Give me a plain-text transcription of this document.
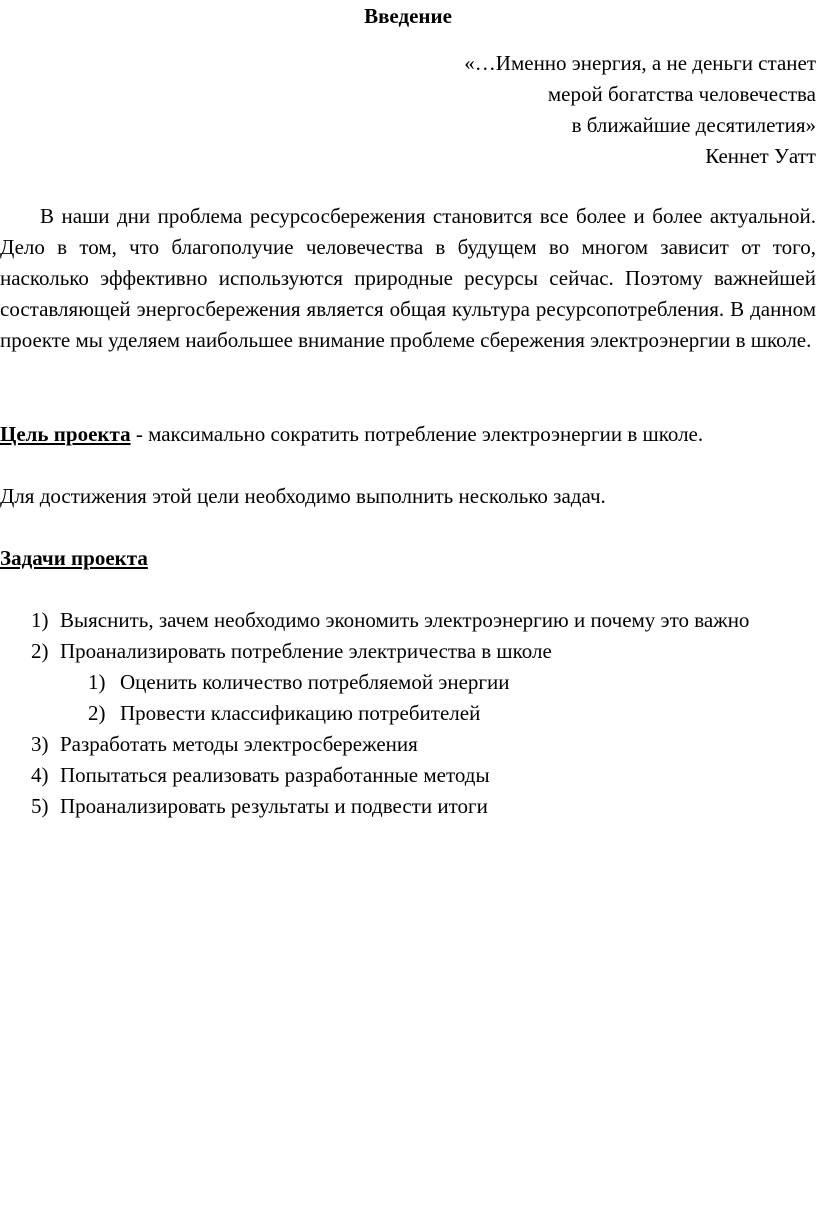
Введение
«…Именно энергия, а не деньги станет
мерой богатства человечества
в ближайшие десятилетия»
Кеннет Уатт

В наши дни проблема ресурсосбережения становится все более и более актуальной. Дело в том, что благополучие человечества в будущем во многом зависит от того, насколько эффективно используются природные ресурсы сейчас. Поэтому важнейшей составляющей энергосбережения является общая культура ресурсопотребления. В данном проекте мы уделяем наибольшее внимание проблеме сбережения электроэнергии в школе.

Цель проекта - максимально сократить потребление электроэнергии в школе.

Для достижения этой цели необходимо выполнить несколько задач.

Задачи проекта

1) Выяснить, зачем необходимо экономить электроэнергию и почему это важно
2) Проанализировать потребление электричества в школе
1) Оценить количество потребляемой энергии
2) Провести классификацию потребителей
3) Разработать методы электросбережения
4) Попытаться реализовать разработанные методы
5) Проанализировать результаты и подвести итоги
